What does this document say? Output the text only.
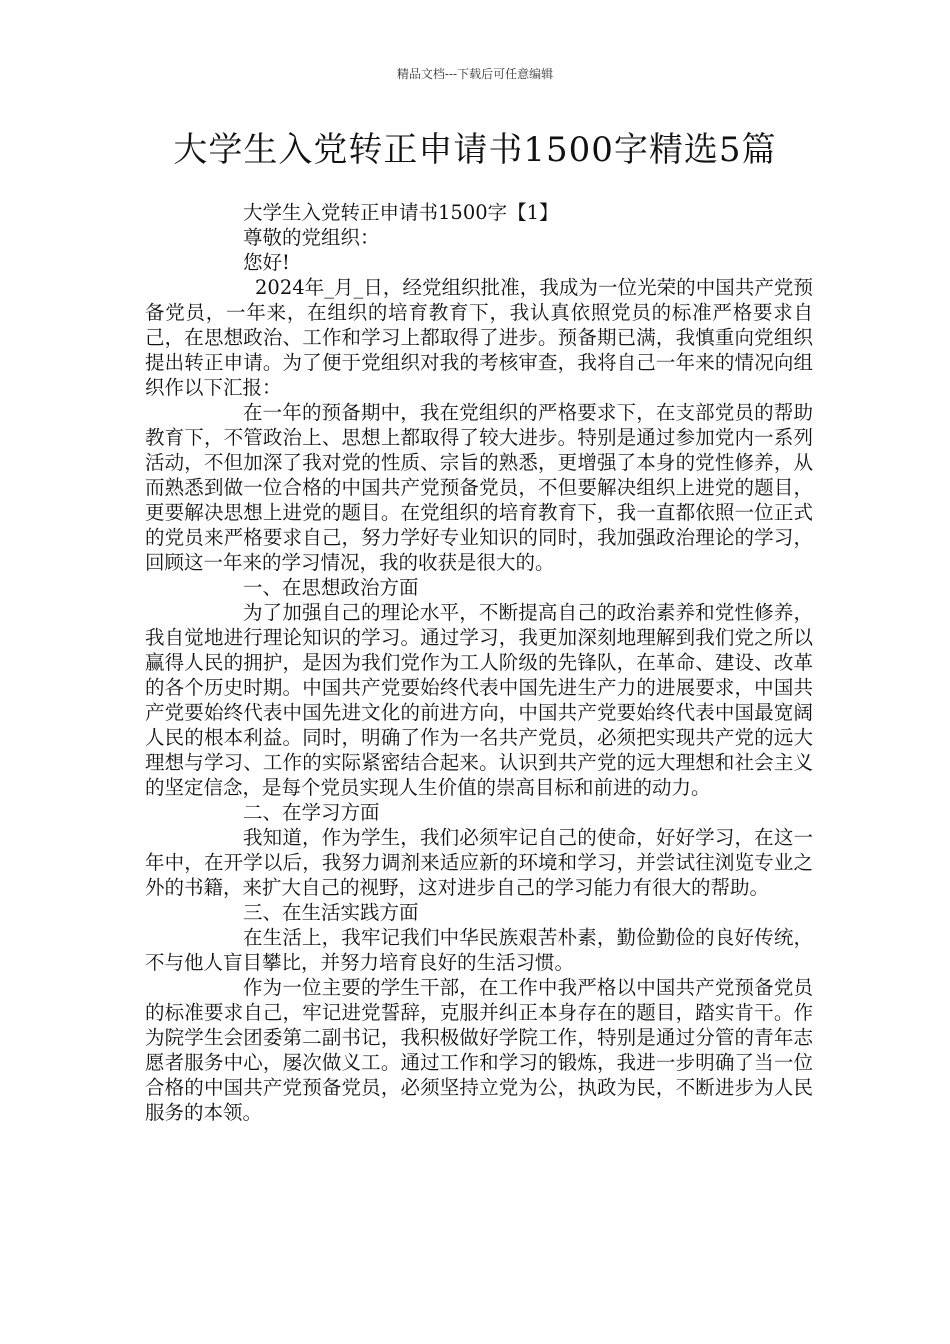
精品文档---下载后可任意编辑
大学生入党转正申请书1500字精选5篇

大学生入党转正申请书1500字【1】

尊敬的党组织：

您好!

2024年_月_日，经党组织批准，我成为一位光荣的中国共产党预备党员，一年来，在组织的培育教育下，我认真依照党员的标准严格要求自己，在思想政治、工作和学习上都取得了进步。预备期已满，我慎重向党组织提出转正申请。为了便于党组织对我的考核审查，我将自己一年来的情况向组织作以下汇报：

在一年的预备期中，我在党组织的严格要求下，在支部党员的帮助教育下，不管政治上、思想上都取得了较大进步。特别是通过参加党内一系列活动，不但加深了我对党的性质、宗旨的熟悉，更增强了本身的党性修养，从而熟悉到做一位合格的中国共产党预备党员，不但要解决组织上进党的题目，更要解决思想上进党的题目。在党组织的培育教育下，我一直都依照一位正式的党员来严格要求自己，努力学好专业知识的同时，我加强政治理论的学习，回顾这一年来的学习情况，我的收获是很大的。

一、在思想政治方面

为了加强自己的理论水平，不断提高自己的政治素养和党性修养，我自觉地进行理论知识的学习。通过学习，我更加深刻地理解到我们党之所以赢得人民的拥护，是因为我们党作为工人阶级的先锋队，在革命、建设、改革的各个历史时期。中国共产党要始终代表中国先进生产力的进展要求，中国共产党要始终代表中国先进文化的前进方向，中国共产党要始终代表中国最宽阔人民的根本利益。同时，明确了作为一名共产党员，必须把实现共产党的远大理想与学习、工作的实际紧密结合起来。认识到共产党的远大理想和社会主义的坚定信念，是每个党员实现人生价值的崇高目标和前进的动力。

二、在学习方面

我知道，作为学生，我们必须牢记自己的使命，好好学习，在这一年中，在开学以后，我努力调剂来适应新的环境和学习，并尝试往浏览专业之外的书籍，来扩大自己的视野，这对进步自己的学习能力有很大的帮助。

三、在生活实践方面

在生活上，我牢记我们中华民族艰苦朴素，勤俭勤俭的良好传统，不与他人盲目攀比，并努力培育良好的生活习惯。

作为一位主要的学生干部，在工作中我严格以中国共产党预备党员的标准要求自己，牢记进党誓辞，克服并纠正本身存在的题目，踏实肯干。作为院学生会团委第二副书记，我积极做好学院工作，特别是通过分管的青年志愿者服务中心，屡次做义工。通过工作和学习的锻炼，我进一步明确了当一位合格的中国共产党预备党员，必须坚持立党为公，执政为民，不断进步为人民服务的本领。
